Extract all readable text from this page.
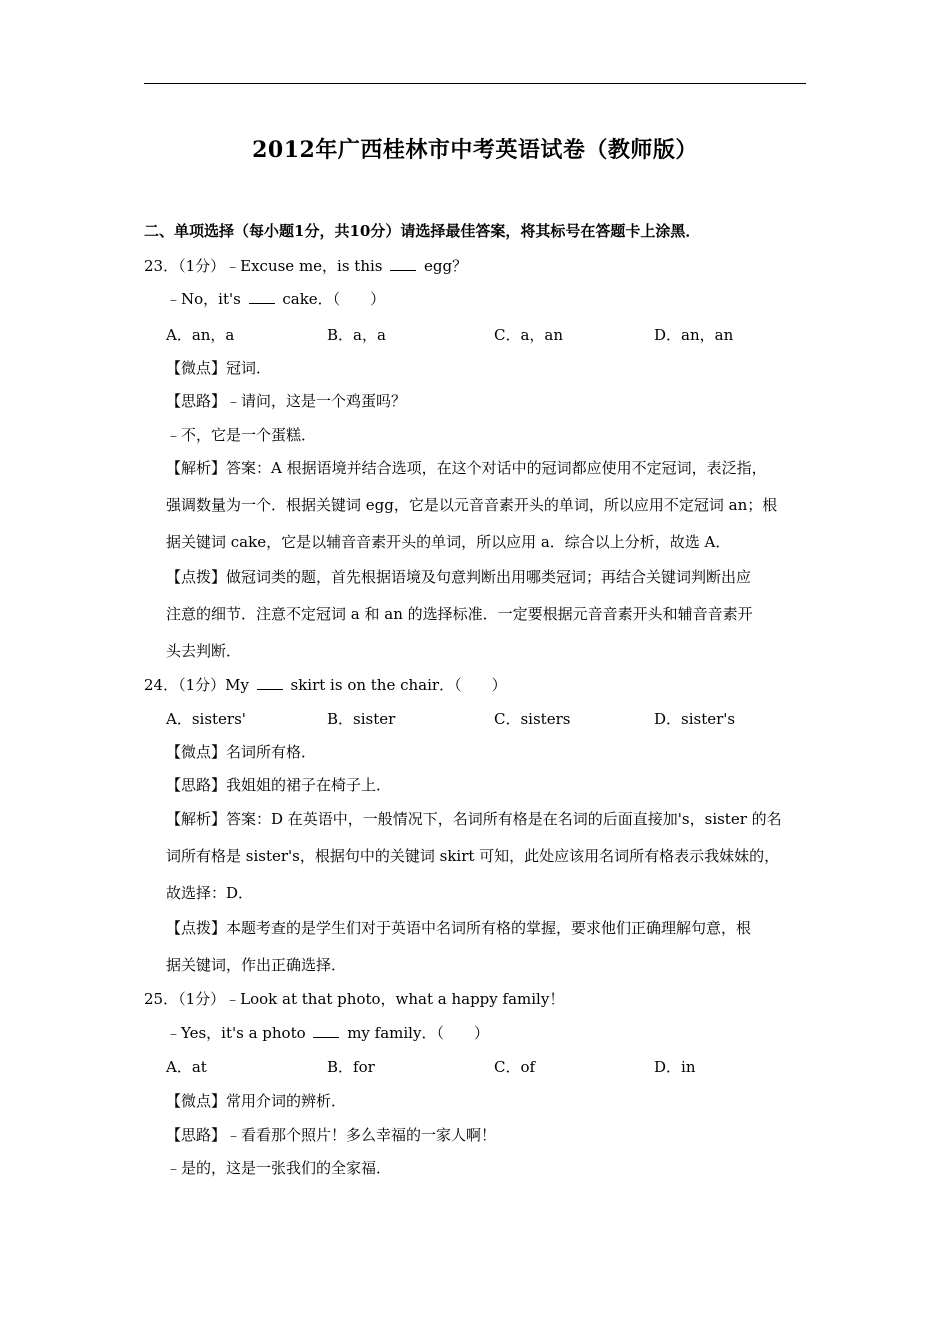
2012年广西桂林市中考英语试卷（教师版）
二、单项选择（每小题1分，共10分）请选择最佳答案，将其标号在答题卡上涂黑．
23．（1分）﹣Excuse me，is this  egg？
﹣No，it's  cake．（　　）
A．an，a	B．a，a	C．a，an	D．an，an
【微点】冠词．
【思路】﹣请问，这是一个鸡蛋吗？
﹣不，它是一个蛋糕．
【解析】答案：A 根据语境并结合选项，在这个对话中的冠词都应使用不定冠词，表泛指，
强调数量为一个．根据关键词 egg，它是以元音音素开头的单词，所以应用不定冠词 an；根
据关键词 cake，它是以辅音音素开头的单词，所以应用 a．综合以上分析，故选 A．
【点拨】做冠词类的题，首先根据语境及句意判断出用哪类冠词；再结合关键词判断出应
注意的细节．注意不定冠词 a 和 an 的选择标准．一定要根据元音音素开头和辅音音素开
头去判断．
24．（1分）My  skirt is on the chair．（　　）
A．sisters'	B．sister	C．sisters	D．sister's
【微点】名词所有格．
【思路】我姐姐的裙子在椅子上．
【解析】答案：D 在英语中，一般情况下，名词所有格是在名词的后面直接加's，sister 的名
词所有格是 sister's，根据句中的关键词 skirt 可知，此处应该用名词所有格表示我妹妹的，
故选择：D．
【点拨】本题考查的是学生们对于英语中名词所有格的掌握，要求他们正确理解句意，根
据关键词，作出正确选择．
25．（1分）﹣Look at that photo，what a happy family！
﹣Yes，it's a photo  my family．（　　）
A．at	B．for	C．of	D．in
【微点】常用介词的辨析．
【思路】﹣看看那个照片！多么幸福的一家人啊！
﹣是的，这是一张我们的全家福．
